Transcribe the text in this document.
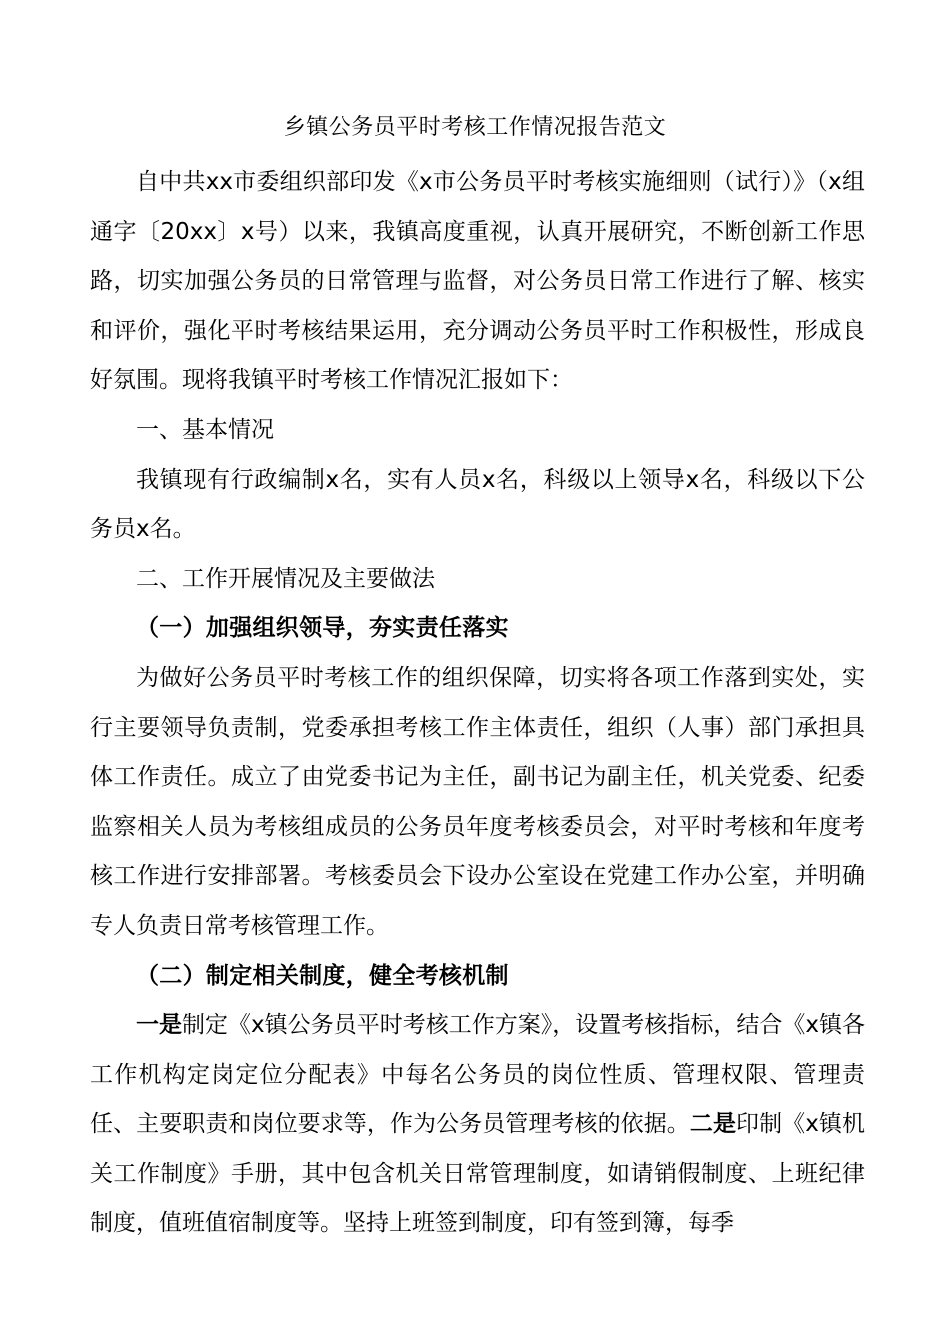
乡镇公务员平时考核工作情况报告范文

自中共xx市委组织部印发《x市公务员平时考核实施细则（试行）》（x组通字〔20xx〕x号）以来，我镇高度重视，认真开展研究，不断创新工作思路，切实加强公务员的日常管理与监督，对公务员日常工作进行了解、核实和评价，强化平时考核结果运用，充分调动公务员平时工作积极性，形成良好氛围。现将我镇平时考核工作情况汇报如下：

一、基本情况

我镇现有行政编制x名，实有人员x名，科级以上领导x名，科级以下公务员x名。

二、工作开展情况及主要做法

（一）加强组织领导，夯实责任落实

为做好公务员平时考核工作的组织保障，切实将各项工作落到实处，实行主要领导负责制，党委承担考核工作主体责任，组织（人事）部门承担具体工作责任。成立了由党委书记为主任，副书记为副主任，机关党委、纪委监察相关人员为考核组成员的公务员年度考核委员会，对平时考核和年度考核工作进行安排部署。考核委员会下设办公室设在党建工作办公室，并明确专人负责日常考核管理工作。

（二）制定相关制度，健全考核机制

一是制定《x镇公务员平时考核工作方案》，设置考核指标，结合《x镇各工作机构定岗定位分配表》中每名公务员的岗位性质、管理权限、管理责任、主要职责和岗位要求等，作为公务员管理考核的依据。二是印制《x镇机关工作制度》手册，其中包含机关日常管理制度，如请销假制度、上班纪律制度，值班值宿制度等。坚持上班签到制度，印有签到簿，每季
